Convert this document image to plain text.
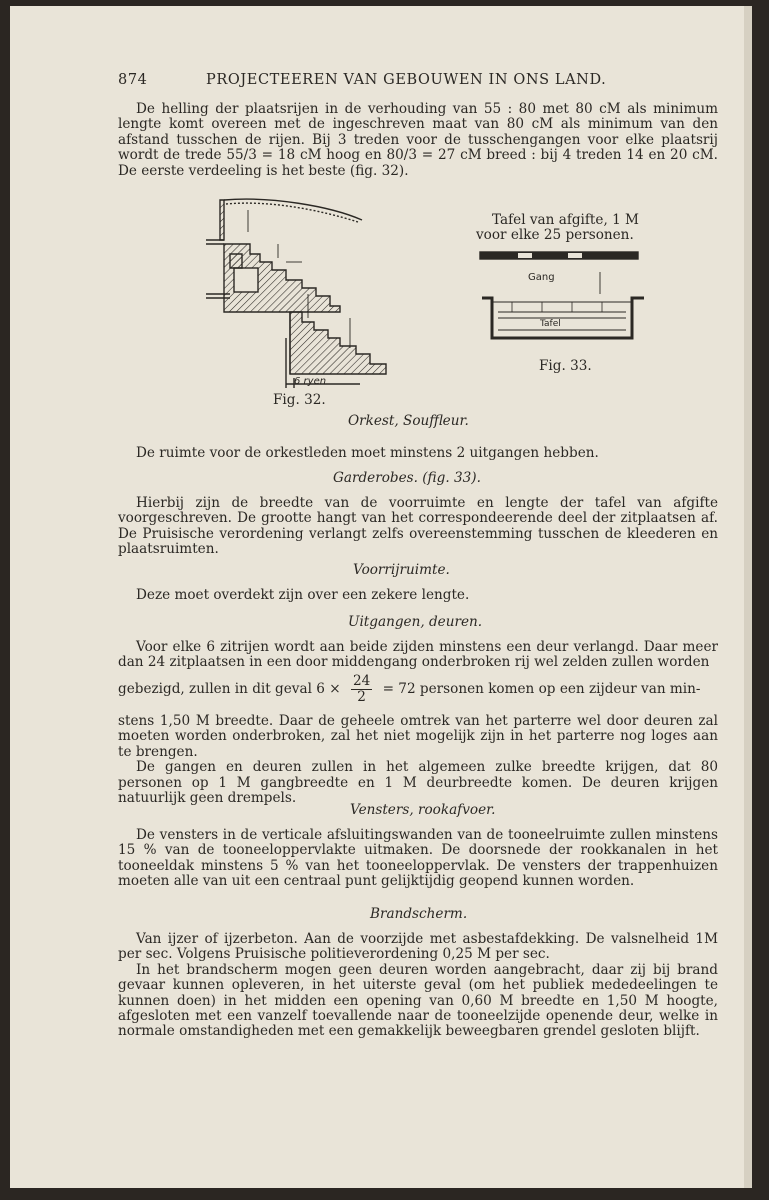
874	PROJECTEEREN VAN GEBOUWEN IN ONS LAND.

De helling der plaatsrijen in de verhouding van 55 : 80 met 80 cM als minimum lengte komt overeen met de ingeschreven maat van 80 cM als minimum van den afstand tusschen de rijen. Bij 3 treden voor de tusschengangen voor elke plaatsrij wordt de trede 55/3 = 18 cM hoog en 80/3 = 27 cM breed : bij 4 treden 14 en 20 cM. De eerste verdeeling is het beste (fig. 32).

6 ryen
Fig. 32.
Tafel van afgifte, 1 M
voor elke 25 personen.
Gang
Tafel
Fig. 33.
Orkest, Souffleur.

De ruimte voor de orkestleden moet minstens 2 uitgangen hebben.

Garderobes. (fig. 33).

Hierbij zijn de breedte van de voorruimte en lengte der tafel van afgifte voorgeschreven. De grootte hangt van het correspondeerende deel der zitplaatsen af. De Pruisische verordening verlangt zelfs overeenstemming tusschen de kleederen en plaatsruimten.

Voorrijruimte.

Deze moet overdekt zijn over een zekere lengte.

Uitgangen, deuren.

Voor elke 6 zitrijen wordt aan beide zijden minstens een deur verlangd. Daar meer dan 24 zitplaatsen in een door middengang onderbroken rij wel zelden zullen worden

gebezigd, zullen in dit geval $6 \times \frac{24}{2} = 72$ personen komen op een zijdeur van min-

stens 1,50 M breedte. Daar de geheele omtrek van het parterre wel door deuren zal moeten worden onderbroken, zal het niet mogelijk zijn in het parterre nog loges aan te brengen.

De gangen en deuren zullen in het algemeen zulke breedte krijgen, dat 80 personen op 1 M gangbreedte en 1 M deurbreedte komen. De deuren krijgen natuurlijk geen drempels.

Vensters, rookafvoer.

De vensters in de verticale afsluitingswanden van de tooneelruimte zullen minstens 15 % van de tooneeloppervlakte uitmaken. De doorsnede der rookkanalen in het tooneeldak minstens 5 % van het tooneeloppervlak. De vensters der trappenhuizen moeten alle van uit een centraal punt gelijktijdig geopend kunnen worden.

Brandscherm.

Van ijzer of ijzerbeton. Aan de voorzijde met asbestafdekking. De valsnelheid 1M per sec. Volgens Pruisische politieverordening 0,25 M per sec.

In het brandscherm mogen geen deuren worden aangebracht, daar zij bij brand gevaar kunnen opleveren, in het uiterste geval (om het publiek mededeelingen te kunnen doen) in het midden een opening van 0,60 M breedte en 1,50 M hoogte, afgesloten met een vanzelf toevallende naar de tooneelzijde openende deur, welke in normale omstandigheden met een gemakkelijk beweegbaren grendel gesloten blijft.
